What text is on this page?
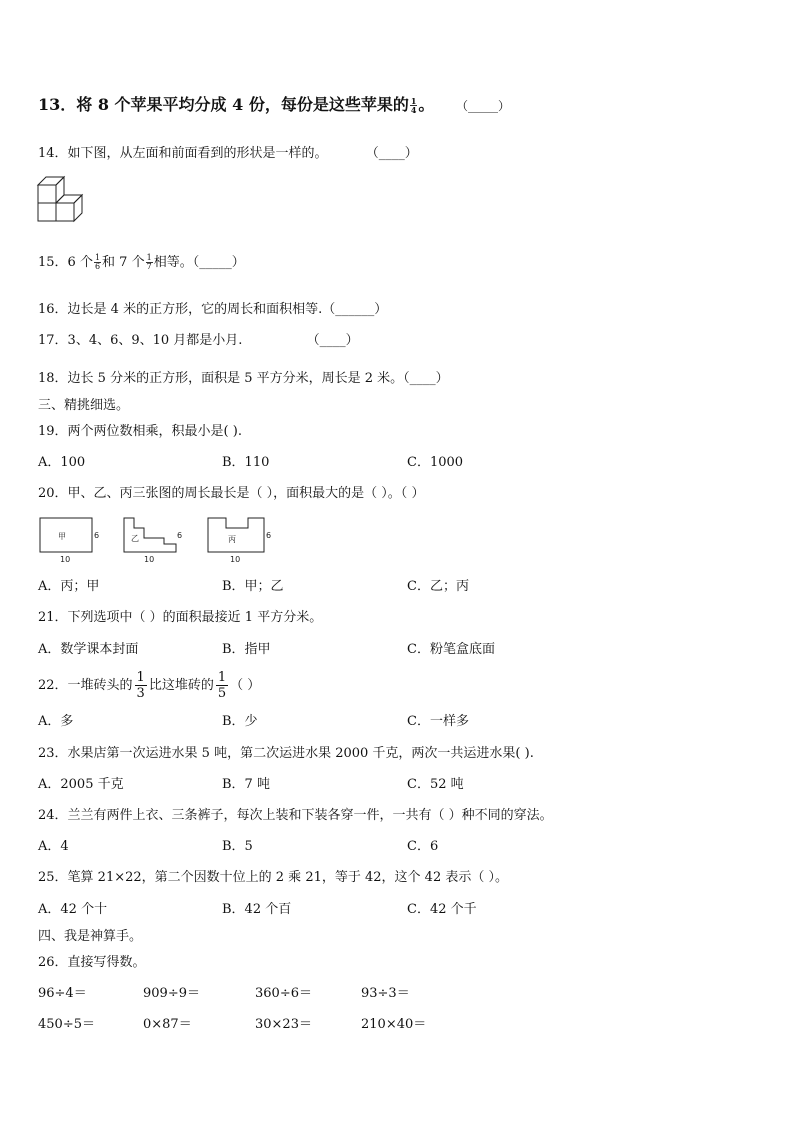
13．将 8 个苹果平均分成 4 份，每份是这些苹果的 $\frac{1}{4}$ 。 （_____）
14．如下图，从左面和前面看到的形状是一样的。	（____）
15．6 个 $\frac{1}{6}$ 和 7 个 $\frac{1}{7}$ 相等。（_____）
16．边长是 4 米的正方形，它的周长和面积相等.（______）
17．3、4、6、9、10 月都是小月.	（____）
18．边长 5 分米的正方形，面积是 5 平方分米，周长是 2 米。（____）
三、精挑细选。
19．两个两位数相乘，积最小是( ).
A．100	B．110	C．1000
20．甲、乙、丙三张图的周长最长是（ ），面积最大的是（ ）。（ ）
甲	乙	丙
6	6	6
10	10	10
A．丙；甲	B．甲；乙	C．乙；丙
21．下列选项中（ ）的面积最接近 1 平方分米。
A．数学课本封面	B．指甲	C．粉笔盒底面
22．一堆砖头的 $\frac{1}{3}$ 比这堆砖的 $\frac{1}{5}$ （ ）
A．多	B．少	C．一样多
23．水果店第一次运进水果 5 吨，第二次运进水果 2000 千克，两次一共运进水果( ).
A．2005 千克	B．7 吨	C．52 吨
24．兰兰有两件上衣、三条裤子，每次上装和下装各穿一件，一共有（ ）种不同的穿法。
A．4	B．5	C．6
25．笔算 21×22，第二个因数十位上的 2 乘 21，等于 42，这个 42 表示（ ）。
A．42 个十	B．42 个百	C．42 个千
四、我是神算手。
26．直接写得数。
96÷4＝	909÷9＝	360÷6＝	93÷3＝
450÷5＝	0×87＝	30×23＝	210×40＝
